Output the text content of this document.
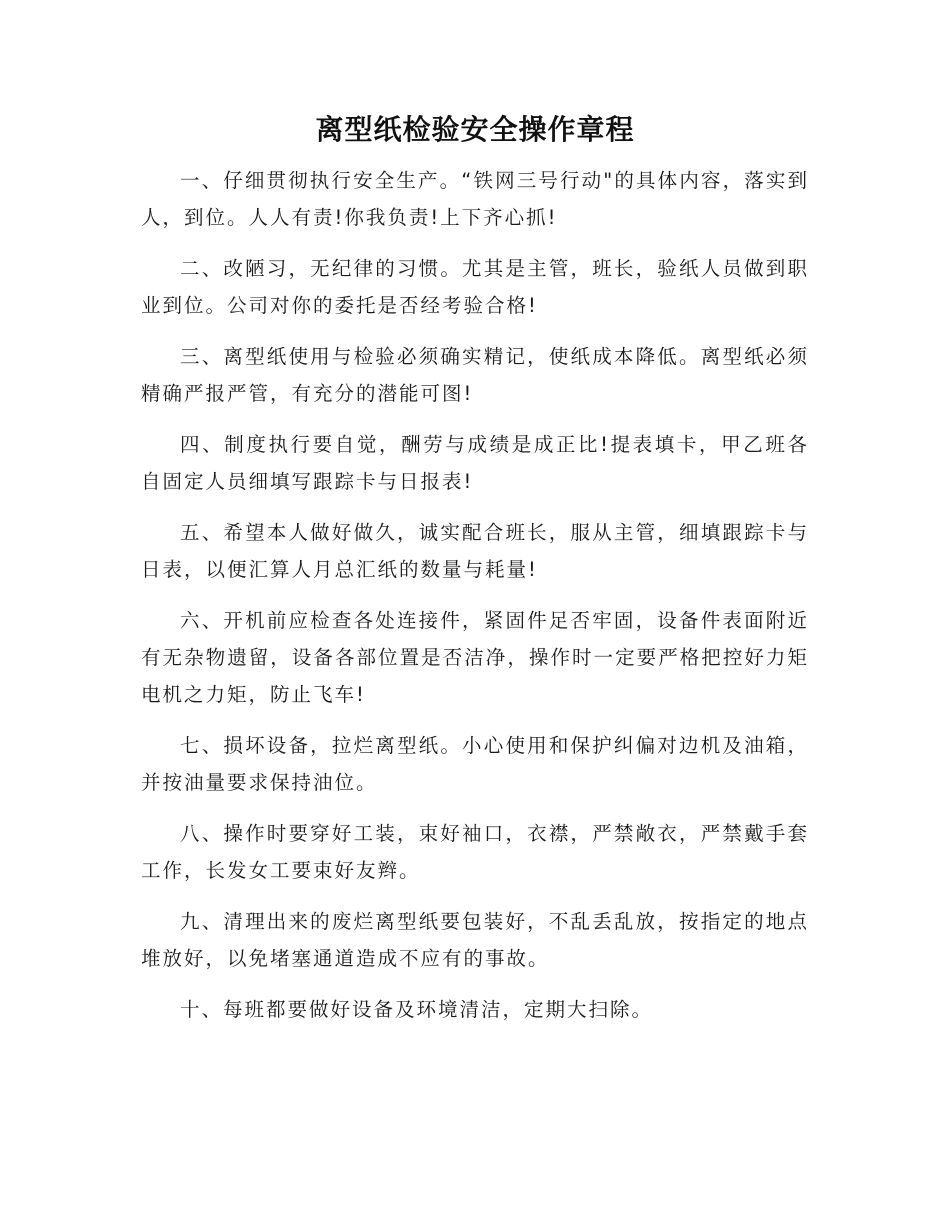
离型纸检验安全操作章程

一、仔细贯彻执行安全生产。“铁网三号行动"的具体内容，落实到人，到位。人人有责!你我负责!上下齐心抓!

二、改陋习，无纪律的习惯。尤其是主管，班长，验纸人员做到职业到位。公司对你的委托是否经考验合格!

三、离型纸使用与检验必须确实精记，使纸成本降低。离型纸必须精确严报严管，有充分的潜能可图!

四、制度执行要自觉，酬劳与成绩是成正比!提表填卡，甲乙班各自固定人员细填写跟踪卡与日报表!

五、希望本人做好做久，诚实配合班长，服从主管，细填跟踪卡与日表，以便汇算人月总汇纸的数量与耗量!

六、开机前应检查各处连接件，紧固件足否牢固，设备件表面附近有无杂物遗留，设备各部位置是否洁净，操作时一定要严格把控好力矩电机之力矩，防止飞车!

七、损坏设备，拉烂离型纸。小心使用和保护纠偏对边机及油箱，并按油量要求保持油位。

八、操作时要穿好工装，束好袖口，衣襟，严禁敞衣，严禁戴手套工作，长发女工要束好友辫。

九、清理出来的废烂离型纸要包装好，不乱丢乱放，按指定的地点堆放好，以免堵塞通道造成不应有的事故。

十、每班都要做好设备及环境清洁，定期大扫除。
